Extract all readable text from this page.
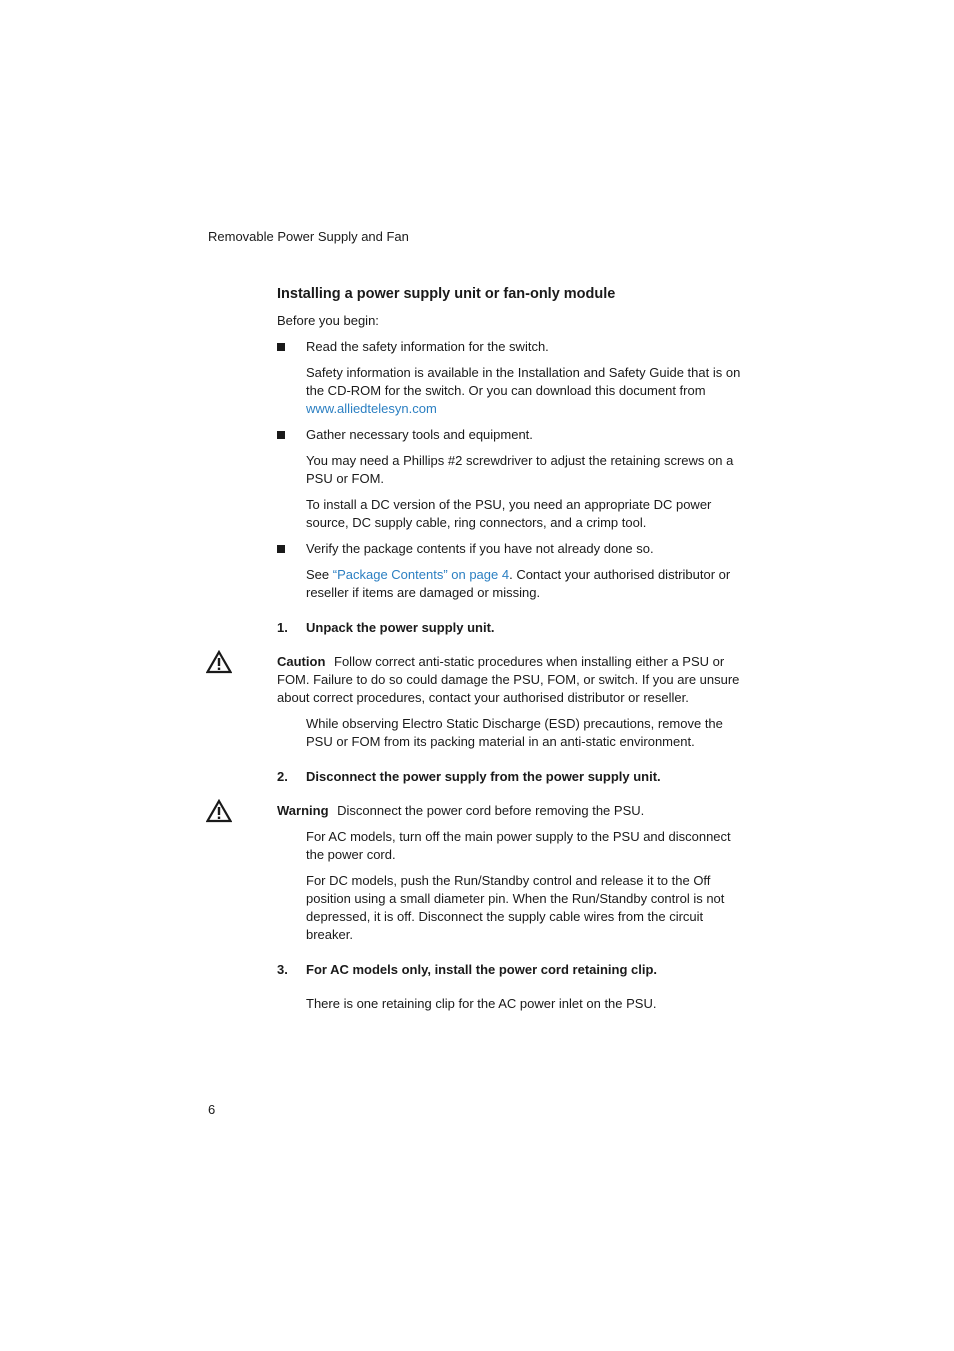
Removable Power Supply and Fan
Installing a power supply unit or fan-only module
Before you begin:
Read the safety information for the switch.
Safety information is available in the Installation and Safety Guide that is on the CD-ROM for the switch. Or you can download this document from www.alliedtelesyn.com
Gather necessary tools and equipment.
You may need a Phillips #2 screwdriver to adjust the retaining screws on a PSU or FOM.
To install a DC version of the PSU, you need an appropriate DC power source, DC supply cable, ring connectors, and a crimp tool.
Verify the package contents if you have not already done so.
See “Package Contents” on page 4. Contact your authorised distributor or reseller if items are damaged or missing.
1. Unpack the power supply unit.
Caution Follow correct anti-static procedures when installing either a PSU or FOM. Failure to do so could damage the PSU, FOM, or switch. If you are unsure about correct procedures, contact your authorised distributor or reseller.
While observing Electro Static Discharge (ESD) precautions, remove the PSU or FOM from its packing material in an anti-static environment.
2. Disconnect the power supply from the power supply unit.
Warning Disconnect the power cord before removing the PSU.
For AC models, turn off the main power supply to the PSU and disconnect the power cord.
For DC models, push the Run/Standby control and release it to the Off position using a small diameter pin. When the Run/Standby control is not depressed, it is off. Disconnect the supply cable wires from the circuit breaker.
3. For AC models only, install the power cord retaining clip.
There is one retaining clip for the AC power inlet on the PSU.
6
